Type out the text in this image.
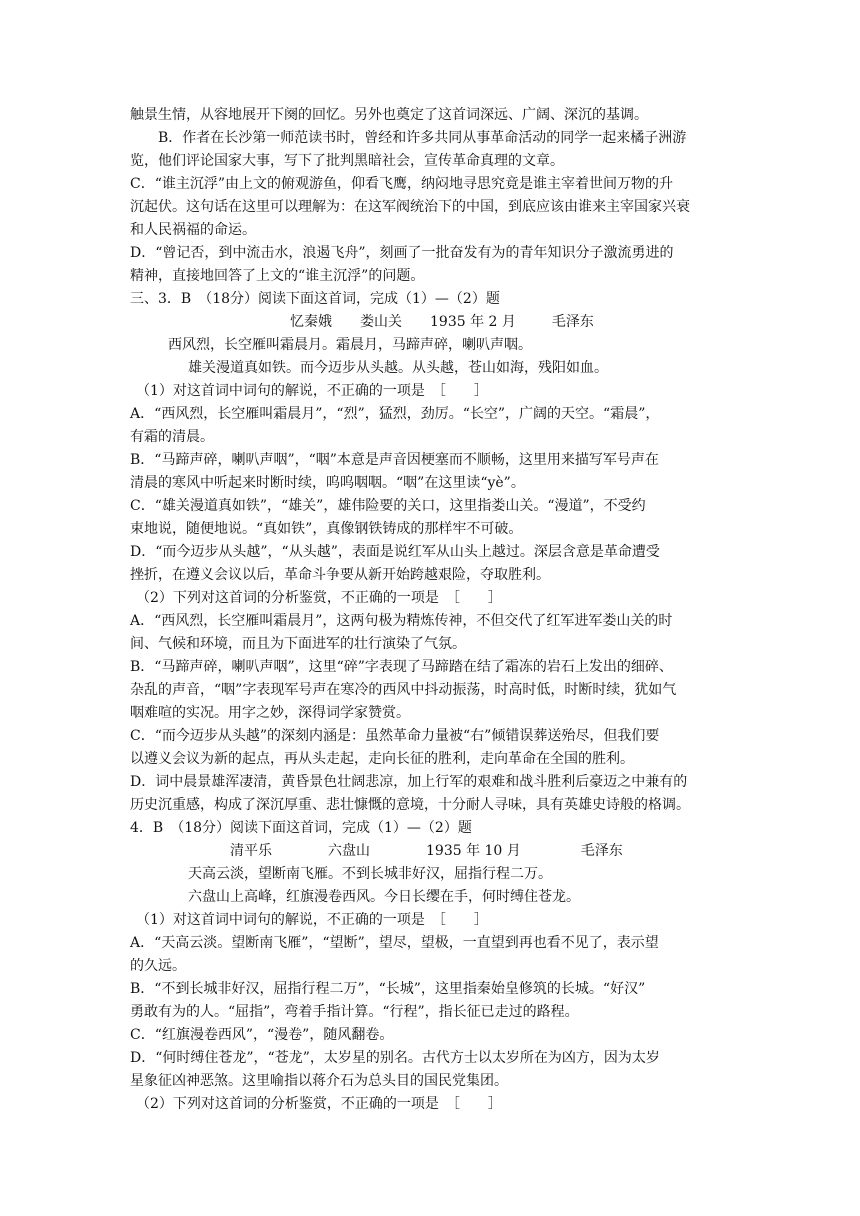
触景生情，从容地展开下阕的回忆。另外也奠定了这首词深远、广阔、深沉的基调。
B．作者在长沙第一师范读书时，曾经和许多共同从事革命活动的同学一起来橘子洲游
览，他们评论国家大事，写下了批判黑暗社会，宣传革命真理的文章。
C．“谁主沉浮”由上文的俯观游鱼，仰看飞鹰，纳闷地寻思究竟是谁主宰着世间万物的升
沉起伏。这句话在这里可以理解为：在这军阀统治下的中国，到底应该由谁来主宰国家兴衰
和人民祸福的命运。
D．“曾记否，到中流击水，浪遏飞舟”，刻画了一批奋发有为的青年知识分子激流勇进的
精神，直接地回答了上文的“谁主沉浮”的问题。
三、3．B　（18分）阅读下面这首词，完成（1）—（2）题
忆秦娥 娄山关 1935 年 2 月	毛泽东
西风烈，长空雁叫霜晨月。霜晨月，马蹄声碎，喇叭声咽。
雄关漫道真如铁。而今迈步从头越。从头越，苍山如海，残阳如血。
（1）对这首词中词句的解说，不正确的一项是　［　　］
A．“西风烈，长空雁叫霜晨月”，“烈”，猛烈，劲厉。“长空”，广阔的天空。“霜晨”，
有霜的清晨。
B．“马蹄声碎，喇叭声咽”，“咽”本意是声音因梗塞而不顺畅，这里用来描写军号声在
清晨的寒风中听起来时断时续，呜呜咽咽。“咽”在这里读“yè”。
C．“雄关漫道真如铁”，“雄关”，雄伟险要的关口，这里指娄山关。“漫道”，不受约
束地说，随便地说。“真如铁”，真像钢铁铸成的那样牢不可破。
D．“而今迈步从头越”，“从头越”，表面是说红军从山头上越过。深层含意是革命遭受
挫折，在遵义会议以后，革命斗争要从新开始跨越艰险，夺取胜利。
（2）下列对这首词的分析鉴赏，不正确的一项是　［　　］
A．“西风烈，长空雁叫霜晨月”，这两句极为精炼传神，不但交代了红军进军娄山关的时
间、气候和环境，而且为下面进军的壮行演染了气氛。
B．“马蹄声碎，喇叭声咽”，这里“碎”字表现了马蹄踏在结了霜冻的岩石上发出的细碎、
杂乱的声音，“咽”字表现军号声在寒冷的西风中抖动振荡，时高时低，时断时续，犹如气
咽难喧的实况。用字之妙，深得词学家赞赏。
C．“而今迈步从头越”的深刻内涵是：虽然革命力量被“右”倾错误葬送殆尽，但我们要
以遵义会议为新的起点，再从头走起，走向长征的胜利，走向革命在全国的胜利。
D．词中晨景雄浑凄清，黄昏景色壮阔悲凉，加上行军的艰难和战斗胜利后豪迈之中兼有的
历史沉重感，构成了深沉厚重、悲壮慷慨的意境，十分耐人寻味，具有英雄史诗般的格调。
4．B　（18分）阅读下面这首词，完成（1）—（2）题
清平乐	六盘山	1935 年 10 月	毛泽东
天高云淡，望断南飞雁。不到长城非好汉，屈指行程二万。
六盘山上高峰，红旗漫卷西风。今日长缨在手，何时缚住苍龙。
（1）对这首词中词句的解说，不正确的一项是　［　　］
A．“天高云淡。望断南飞雁”，“望断”，望尽，望极，一直望到再也看不见了，表示望
的久远。
B．“不到长城非好汉，屈指行程二万”，“长城”，这里指秦始皇修筑的长城。“好汉”
勇敢有为的人。“屈指”，弯着手指计算。“行程”，指长征已走过的路程。
C．“红旗漫卷西风”，“漫卷”，随风翻卷。
D．“何时缚住苍龙”，“苍龙”，太岁星的别名。古代方士以太岁所在为凶方，因为太岁
星象征凶神恶煞。这里喻指以蒋介石为总头目的国民党集团。
（2）下列对这首词的分析鉴赏，不正确的一项是　［　　］
